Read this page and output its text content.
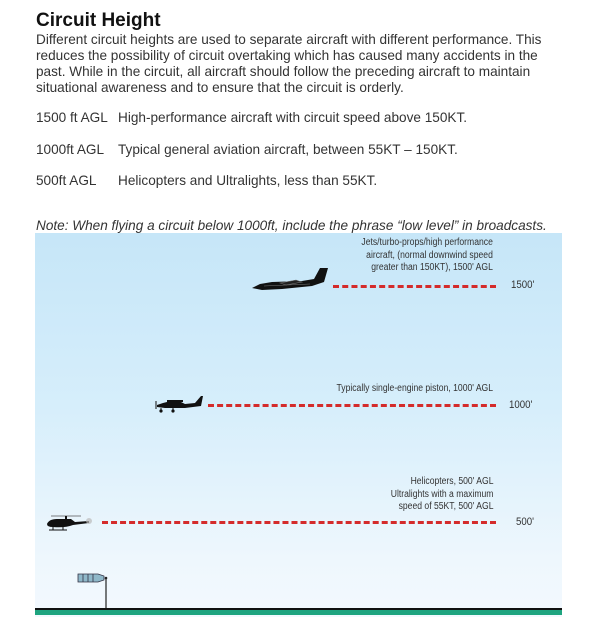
Circuit Height

Different circuit heights are used to separate aircraft with different performance. This reduces the possibility of circuit overtaking which has caused many accidents in the past. While in the circuit, all aircraft should follow the preceding aircraft to maintain situational awareness and to ensure that the circuit is orderly.

1500 ft AGL High-performance aircraft with circuit speed above 150KT.
1000ft AGL Typical general aviation aircraft, between 55KT – 150KT.
500ft AGL Helicopters and Ultralights, less than 55KT.
Note: When flying a circuit below 1000ft, include the phrase “low level” in broadcasts.
Jets/turbo-props/high performance
aircraft, (normal downwind speed
greater than 150KT), 1500' AGL
1500'
Typically single-engine piston, 1000' AGL
1000'
Helicopters, 500' AGL
Ultralights with a maximum
speed of 55KT, 500' AGL
500'
